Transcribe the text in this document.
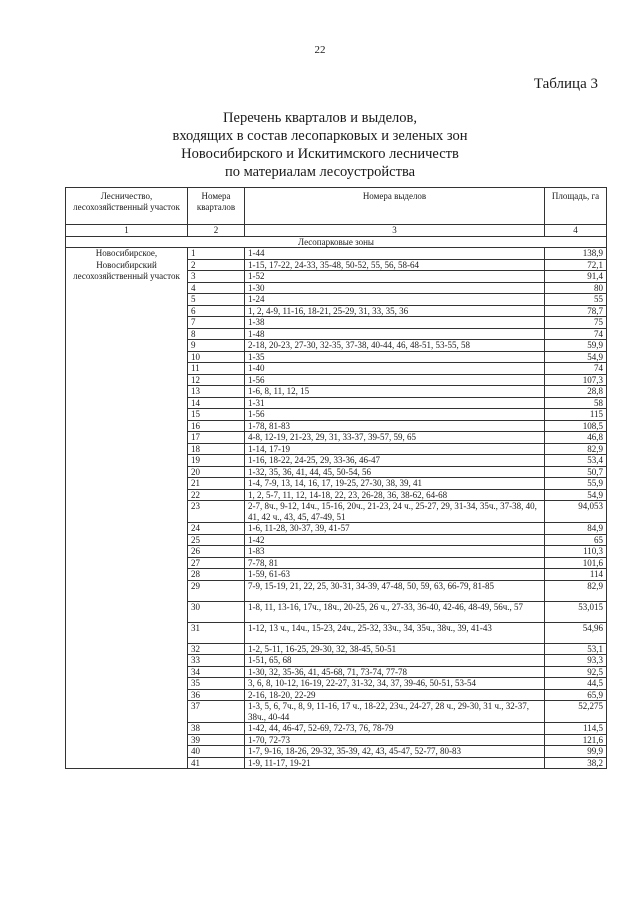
22
Таблица 3
Перечень кварталов и выделов,
входящих в состав лесопарковых и зеленых зон
Новосибирского и Искитимского лесничеств
по материалам лесоустройства
Лесничество, лесохозяйственный участок	Номера кварталов	Номера выделов	Площадь, га
1	2	3	4
Лесопарковые зоны			
Новосибирское, Новосибирский лесохозяйственный участок	1	1-44	138,9
	2	1-15, 17-22, 24-33, 35-48, 50-52, 55, 56, 58-64	72,1
	3	1-52	91,4
	4	1-30	80
	5	1-24	55
	6	1, 2, 4-9, 11-16, 18-21, 25-29, 31, 33, 35, 36	78,7
	7	1-38	75
	8	1-48	74
	9	2-18, 20-23, 27-30, 32-35, 37-38, 40-44, 46, 48-51, 53-55, 58	59,9
	10	1-35	54,9
	11	1-40	74
	12	1-56	107,3
	13	1-6, 8, 11, 12, 15	28,8
	14	1-31	58
	15	1-56	115
	16	1-78, 81-83	108,5
	17	4-8, 12-19, 21-23, 29, 31, 33-37, 39-57, 59, 65	46,8
	18	1-14, 17-19	82,9
	19	1-16, 18-22, 24-25, 29, 33-36, 46-47	53,4
	20	1-32, 35, 36, 41, 44, 45, 50-54, 56	50,7
	21	1-4, 7-9, 13, 14, 16, 17, 19-25, 27-30, 38, 39, 41	55,9
	22	1, 2, 5-7, 11, 12, 14-18, 22, 23, 26-28, 36, 38-62, 64-68	54,9
	23	2-7, 8ч., 9-12, 14ч., 15-16, 20ч., 21-23, 24 ч., 25-27, 29, 31-34, 35ч., 37-38, 40, 41, 42 ч., 43, 45, 47-49, 51	94,053
	24	1-6, 11-28, 30-37, 39, 41-57	84,9
	25	1-42	65
	26	1-83	110,3
	27	7-78, 81	101,6
	28	1-59, 61-63	114
	29	7-9, 15-19, 21, 22, 25, 30-31, 34-39, 47-48, 50, 59, 63, 66-79, 81-85	82,9
	30	1-8, 11, 13-16, 17ч., 18ч., 20-25, 26 ч., 27-33, 36-40, 42-46, 48-49, 56ч., 57	53,015
	31	1-12, 13 ч., 14ч., 15-23, 24ч., 25-32, 33ч., 34, 35ч., 38ч., 39, 41-43	54,96
	32	1-2, 5-11, 16-25, 29-30, 32, 38-45, 50-51	53,1
	33	1-51, 65, 68	93,3
	34	1-30, 32, 35-36, 41, 45-68, 71, 73-74, 77-78	92,5
	35	3, 6, 8, 10-12, 16-19, 22-27, 31-32, 34, 37, 39-46, 50-51, 53-54	44,5
	36	2-16, 18-20, 22-29	65,9
	37	1-3, 5, 6, 7ч., 8, 9, 11-16, 17 ч., 18-22, 23ч., 24-27, 28 ч., 29-30, 31 ч., 32-37, 38ч., 40-44	52,275
	38	1-42, 44, 46-47, 52-69, 72-73, 76, 78-79	114,5
	39	1-70, 72-73	121,6
	40	1-7, 9-16, 18-26, 29-32, 35-39, 42, 43, 45-47, 52-77, 80-83	99,9
	41	1-9, 11-17, 19-21	38,2
